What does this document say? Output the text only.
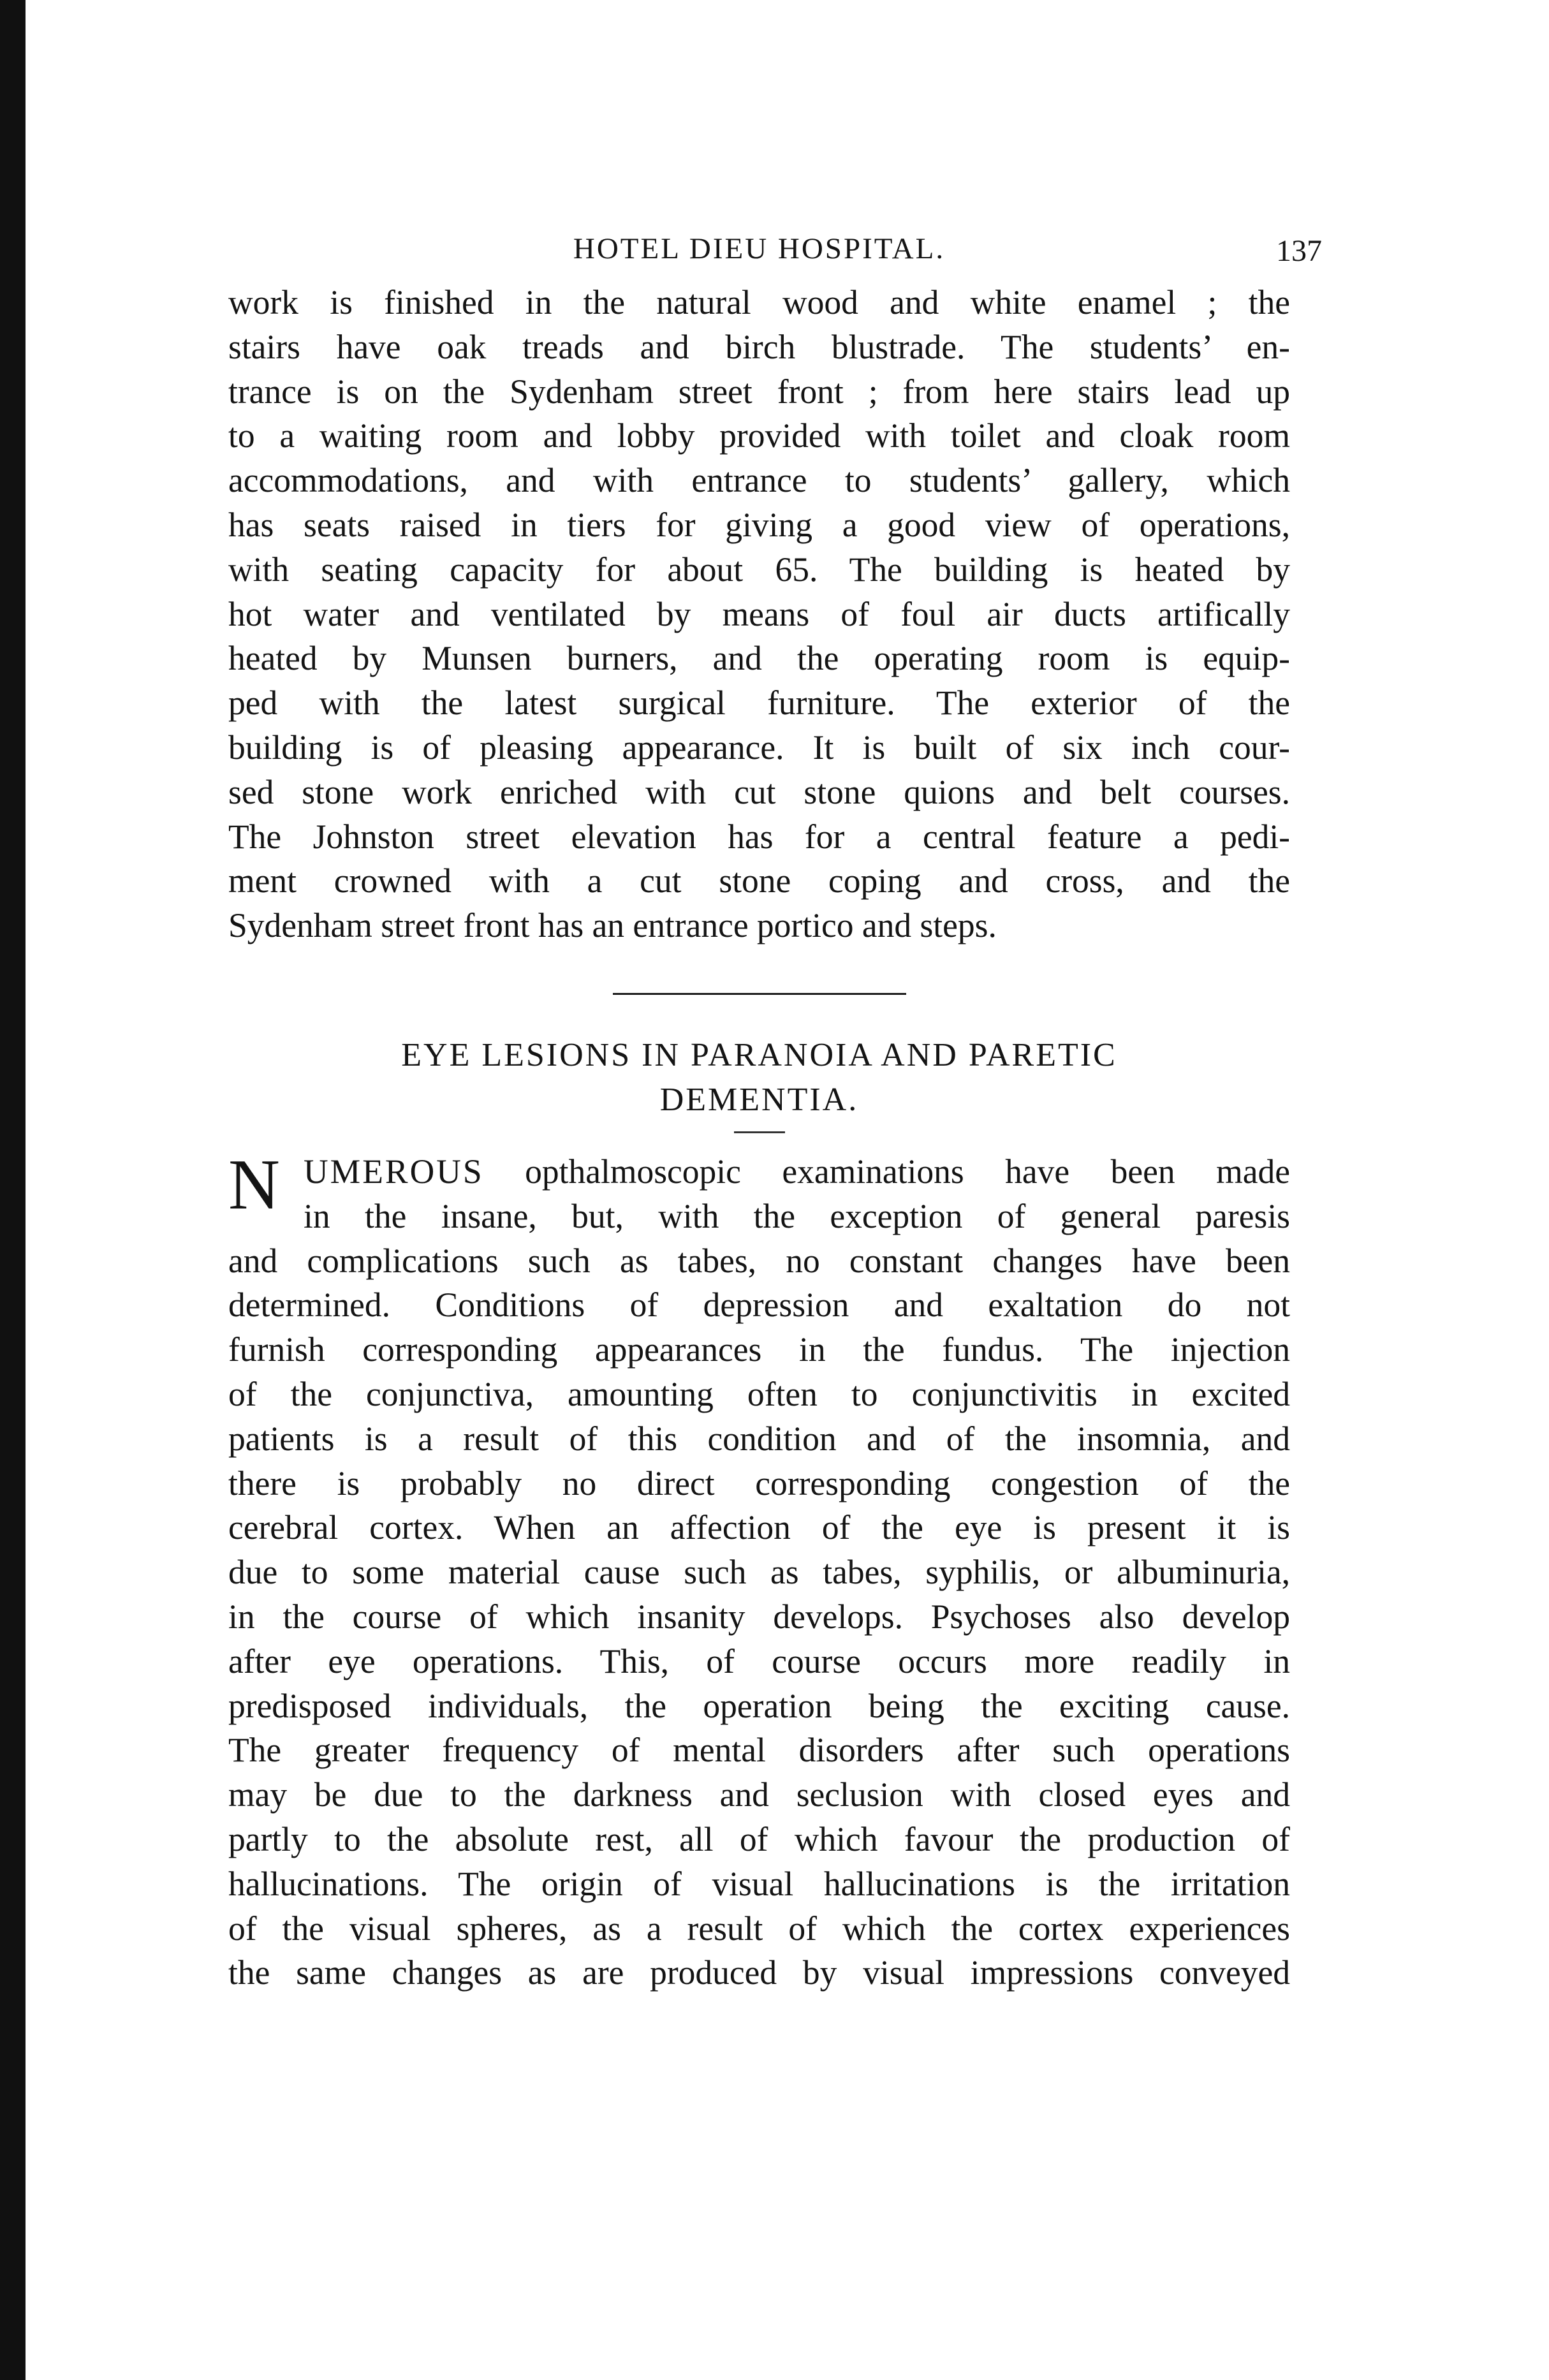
HOTEL DIEU HOSPITAL.	137
work is finished in the natural wood and white enamel ; the
stairs have oak treads and birch blustrade. The students’ en-
trance is on the Sydenham street front ; from here stairs lead up
to a waiting room and lobby provided with toilet and cloak room
accommodations, and with entrance to students’ gallery, which
has seats raised in tiers for giving a good view of operations,
with seating capacity for about 65. The building is heated by
hot water and ventilated by means of foul air ducts artifically
heated by Munsen burners, and the operating room is equip-
ped with the latest surgical furniture. The exterior of the
building is of pleasing appearance. It is built of six inch cour-
sed stone work enriched with cut stone quions and belt courses.
The Johnston street elevation has for a central feature a pedi-
ment crowned with a cut stone coping and cross, and the
Sydenham street front has an entrance portico and steps.
EYE LESIONS IN PARANOIA AND PARETIC
DEMENTIA.
N UMEROUS opthalmoscopic examinations have been made
in the insane, but, with the exception of general paresis
and complications such as tabes, no constant changes have been
determined. Conditions of depression and exaltation do not
furnish corresponding appearances in the fundus. The injection
of the conjunctiva, amounting often to conjunctivitis in excited
patients is a result of this condition and of the insomnia, and
there is probably no direct corresponding congestion of the
cerebral cortex. When an affection of the eye is present it is
due to some material cause such as tabes, syphilis, or albuminuria,
in the course of which insanity develops. Psychoses also develop
after eye operations. This, of course occurs more readily in
predisposed individuals, the operation being the exciting cause.
The greater frequency of mental disorders after such operations
may be due to the darkness and seclusion with closed eyes and
partly to the absolute rest, all of which favour the production of
hallucinations. The origin of visual hallucinations is the irritation
of the visual spheres, as a result of which the cortex experiences
the same changes as are produced by visual impressions conveyed
